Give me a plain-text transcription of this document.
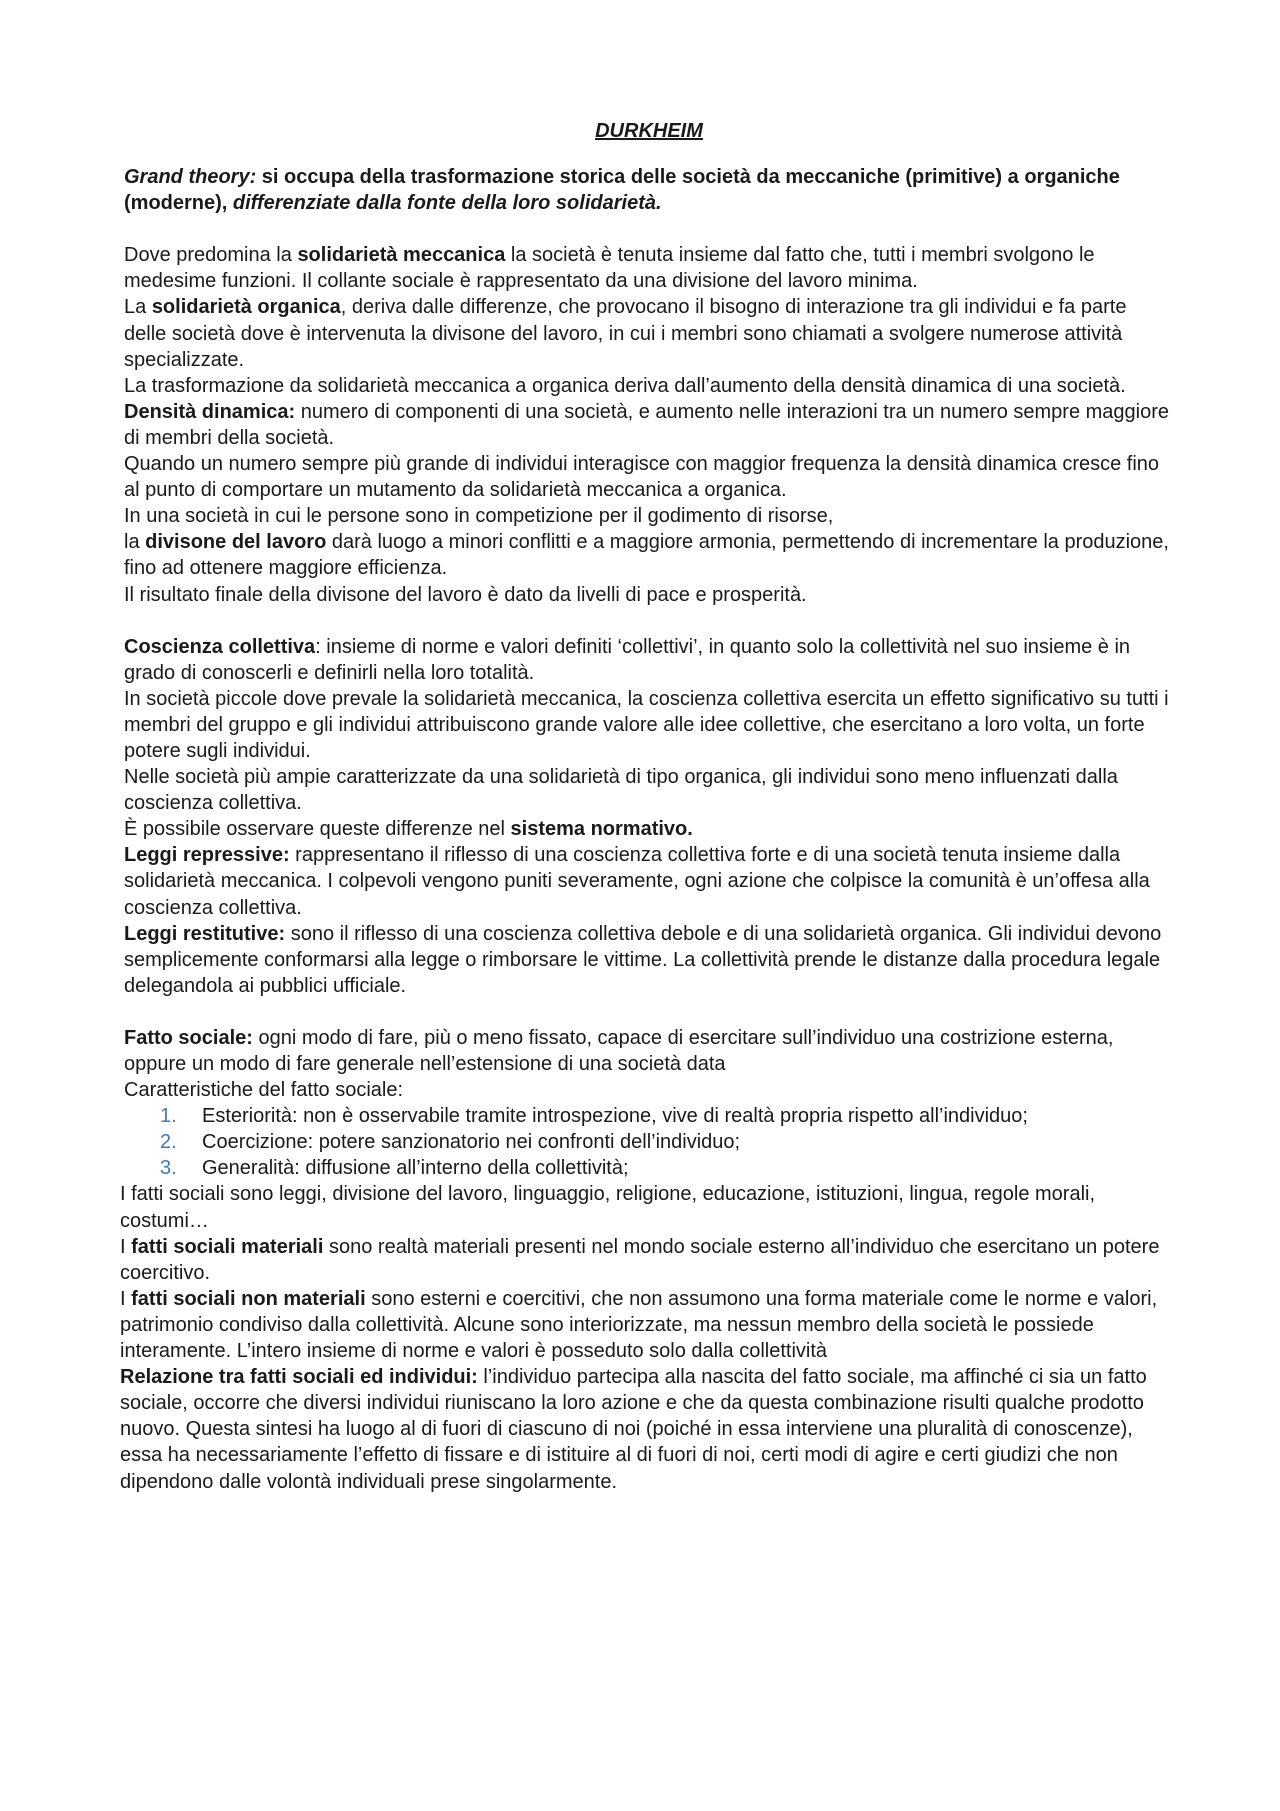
DURKHEIM

Grand theory: si occupa della trasformazione storica delle società da meccaniche (primitive) a organiche (moderne), differenziate dalla fonte della loro solidarietà.

Dove predomina la solidarietà meccanica la società è tenuta insieme dal fatto che, tutti i membri svolgono le medesime funzioni. Il collante sociale è rappresentato da una divisione del lavoro minima.

La solidarietà organica, deriva dalle differenze, che provocano il bisogno di interazione tra gli individui e fa parte delle società dove è intervenuta la divisone del lavoro, in cui i membri sono chiamati a svolgere numerose attività specializzate.

La trasformazione da solidarietà meccanica a organica deriva dall’aumento della densità dinamica di una società.

Densità dinamica: numero di componenti di una società, e aumento nelle interazioni tra un numero sempre maggiore di membri della società.

Quando un numero sempre più grande di individui interagisce con maggior frequenza la densità dinamica cresce fino al punto di comportare un mutamento da solidarietà meccanica a organica.

In una società in cui le persone sono in competizione per il godimento di risorse,

la divisone del lavoro darà luogo a minori conflitti e a maggiore armonia, permettendo di incrementare la produzione, fino ad ottenere maggiore efficienza.

Il risultato finale della divisone del lavoro è dato da livelli di pace e prosperità.

Coscienza collettiva: insieme di norme e valori definiti ‘collettivi’, in quanto solo la collettività nel suo insieme è in grado di conoscerli e definirli nella loro totalità.

In società piccole dove prevale la solidarietà meccanica, la coscienza collettiva esercita un effetto significativo su tutti i membri del gruppo e gli individui attribuiscono grande valore alle idee collettive, che esercitano a loro volta, un forte potere sugli individui.

Nelle società più ampie caratterizzate da una solidarietà di tipo organica, gli individui sono meno influenzati dalla coscienza collettiva.

È possibile osservare queste differenze nel sistema normativo.

Leggi repressive: rappresentano il riflesso di una coscienza collettiva forte e di una società tenuta insieme dalla solidarietà meccanica. I colpevoli vengono puniti severamente, ogni azione che colpisce la comunità è un’offesa alla coscienza collettiva.

Leggi restitutive: sono il riflesso di una coscienza collettiva debole e di una solidarietà organica. Gli individui devono semplicemente conformarsi alla legge o rimborsare le vittime. La collettività prende le distanze dalla procedura legale delegandola ai pubblici ufficiale.

Fatto sociale: ogni modo di fare, più o meno fissato, capace di esercitare sull’individuo una costrizione esterna, oppure un modo di fare generale nell’estensione di una società data

Caratteristiche del fatto sociale:

1. Esteriorità: non è osservabile tramite introspezione, vive di realtà propria rispetto all’individuo;
2. Coercizione: potere sanzionatorio nei confronti dell’individuo;
3. Generalità: diffusione all’interno della collettività;

I fatti sociali sono leggi, divisione del lavoro, linguaggio, religione, educazione, istituzioni, lingua, regole morali, costumi…

I fatti sociali materiali sono realtà materiali presenti nel mondo sociale esterno all’individuo che esercitano un potere coercitivo.

I fatti sociali non materiali sono esterni e coercitivi, che non assumono una forma materiale come le norme e valori, patrimonio condiviso dalla collettività. Alcune sono interiorizzate, ma nessun membro della società le possiede interamente. L’intero insieme di norme e valori è posseduto solo dalla collettività

Relazione tra fatti sociali ed individui: l’individuo partecipa alla nascita del fatto sociale, ma affinché ci sia un fatto sociale, occorre che diversi individui riuniscano la loro azione e che da questa combinazione risulti qualche prodotto nuovo. Questa sintesi ha luogo al di fuori di ciascuno di noi (poiché in essa interviene una pluralità di conoscenze), essa ha necessariamente l’effetto di fissare e di istituire al di fuori di noi, certi modi di agire e certi giudizi che non dipendono dalle volontà individuali prese singolarmente.
